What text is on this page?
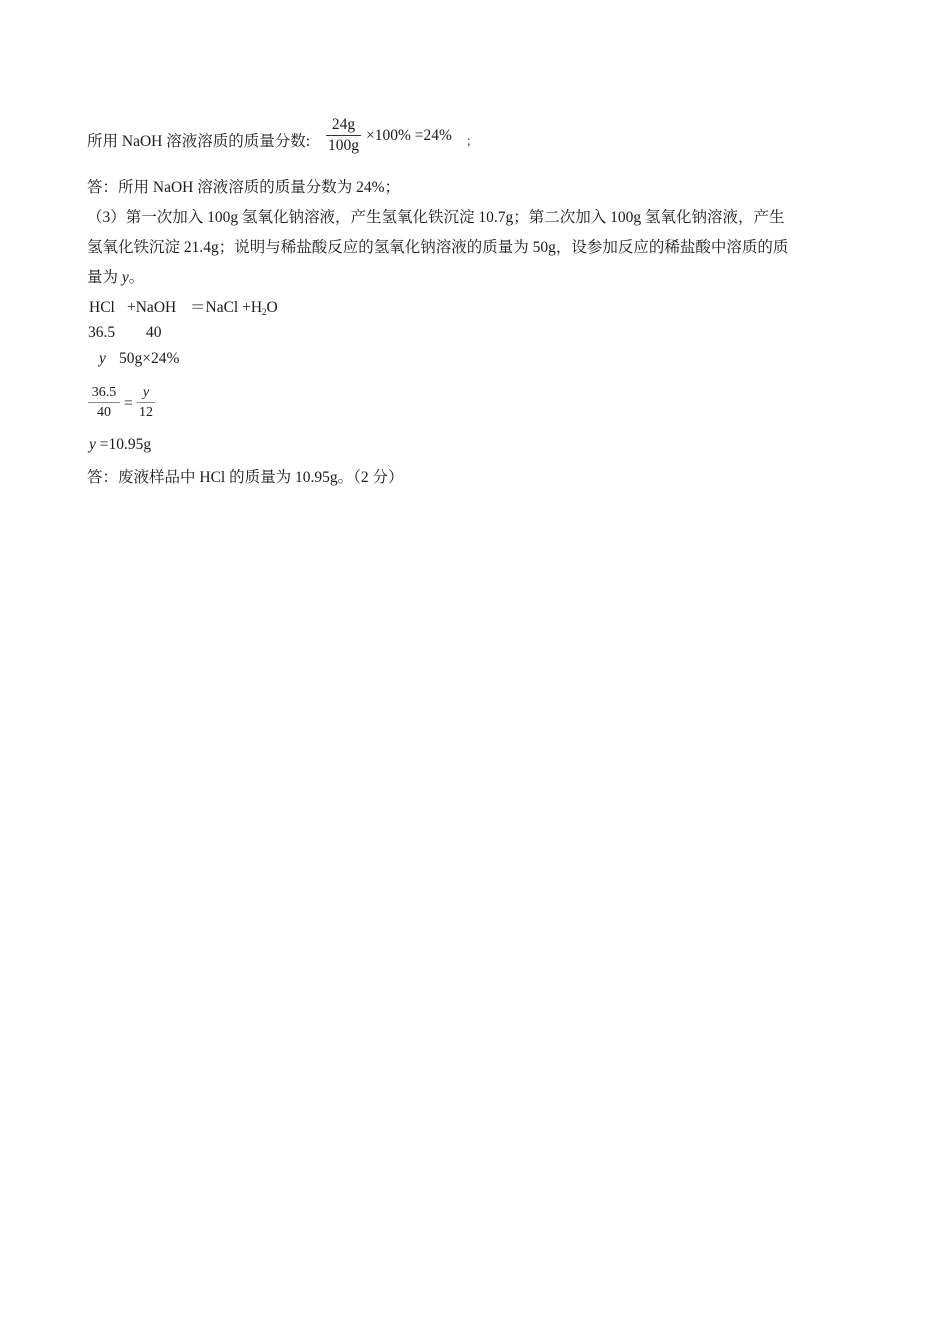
所用 NaOH 溶液溶质的质量分数:
24g
100g
×100% =24% ；
答：所用 NaOH 溶液溶质的质量分数为 24%；
（3）第一次加入 100g 氢氧化钠溶液，产生氢氧化铁沉淀 10.7g；第二次加入 100g 氢氧化钠溶液，产生
氢氧化铁沉淀 21.4g；说明与稀盐酸反应的氢氧化钠溶液的质量为 50g，设参加反应的稀盐酸中溶质的质
量为 y。
HCl +NaOH ＝NaCl $+H_2O$
36.5 40
y 50g×24%
36.5
40
=
y
12
y =10.95g
答：废液样品中 HCl 的质量为 10.95g。（2 分）
